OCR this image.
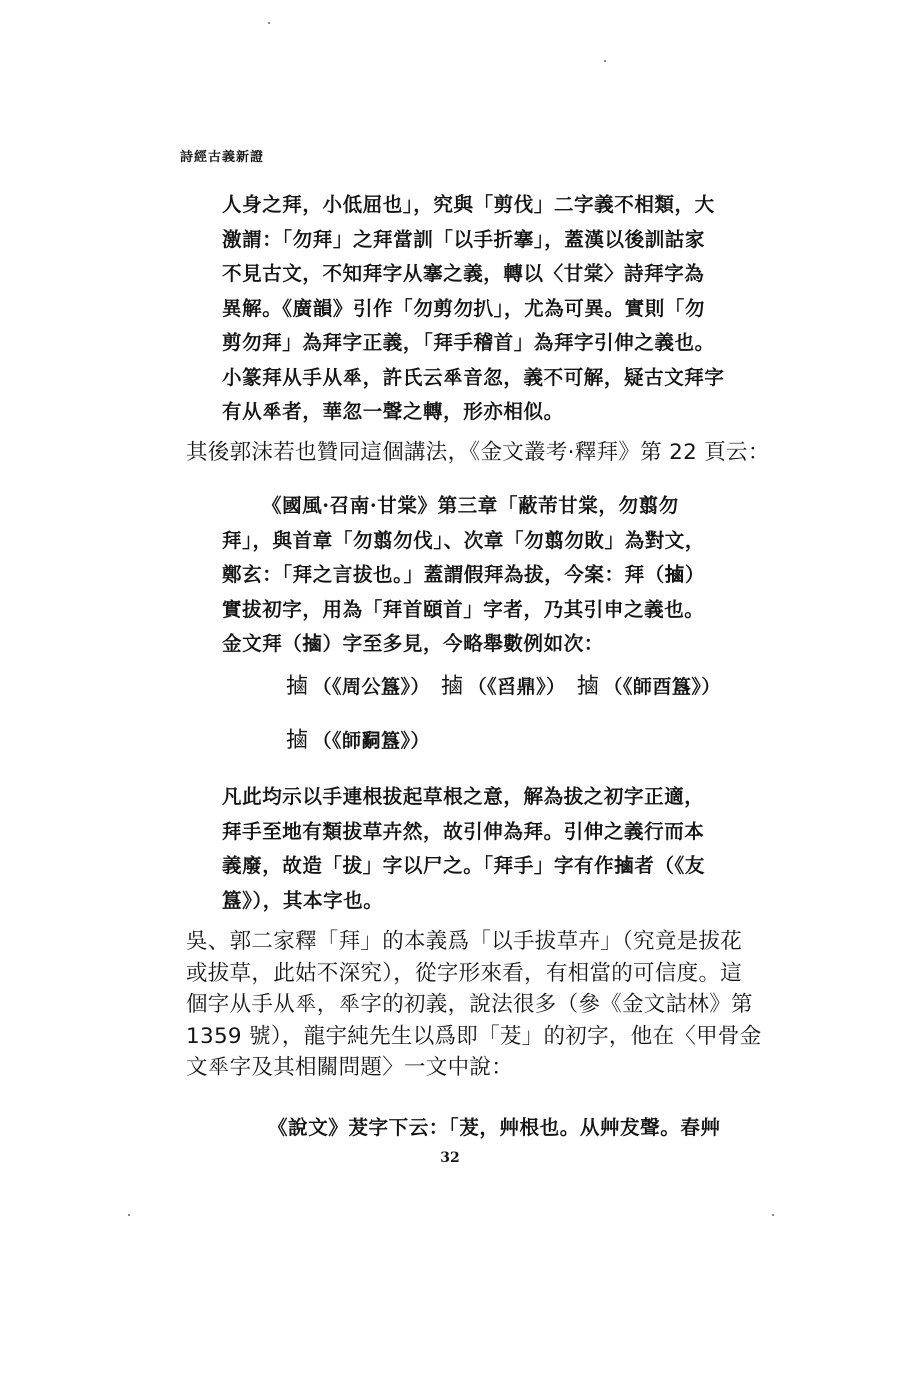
詩經古義新證
人身之拜，小低屈也」，究與「剪伐」二字義不相類，大
激謂：「勿拜」之拜當訓「以手折搴」，蓋漢以後訓詁家
不見古文，不知拜字从搴之義，轉以〈甘棠〉詩拜字為
異解。《廣韻》引作「勿剪勿扒」，尤為可異。實則「勿
剪勿拜」為拜字正義，「拜手稽首」為拜字引伸之義也。
小篆拜从手从𠦬，許氏云𠦬音忽，義不可解，疑古文拜字
有从𠦬者，華忽一聲之轉，形亦相似。
其後郭沫若也贊同這個講法，《金文叢考·釋拜》第 22 頁云：
《國風·召南·甘棠》第三章「蔽芾甘棠，勿翦勿
拜」，與首章「勿翦勿伐」、次章「勿翦勿敗」為對文，
鄭玄：「拜之言拔也。」蓋謂假拜為拔，今案：拜（𢲸）
實拔初字，用為「拜首頤首」字者，乃其引申之義也。
金文拜（𢲸）字至多見，今略舉數例如次：
𢲸 （《周公簋》） 𢲸 （《舀鼎》） 𢲸 （《師酉簋》）
𢲸 （《師𤔲簋》）
凡此均示以手連根拔起草根之意，解為拔之初字正適，
拜手至地有類拔草卉然，故引伸為拜。引伸之義行而本
義廢，故造「拔」字以尸之。「拜手」字有作𢲸者（《友
簋》），其本字也。
吳、郭二家釋「拜」的本義爲「以手拔草卉」（究竟是拔花
或拔草，此姑不深究），從字形來看，有相當的可信度。這
個字从手从𠦬，𠦬字的初義，說法很多（參《金文詁林》第
1359 號），龍宇純先生以爲即「茇」的初字，他在〈甲骨金
文𠦬字及其相關問題〉一文中說：
《說文》茇字下云：「茇，艸根也。从艸犮聲。春艸
32
